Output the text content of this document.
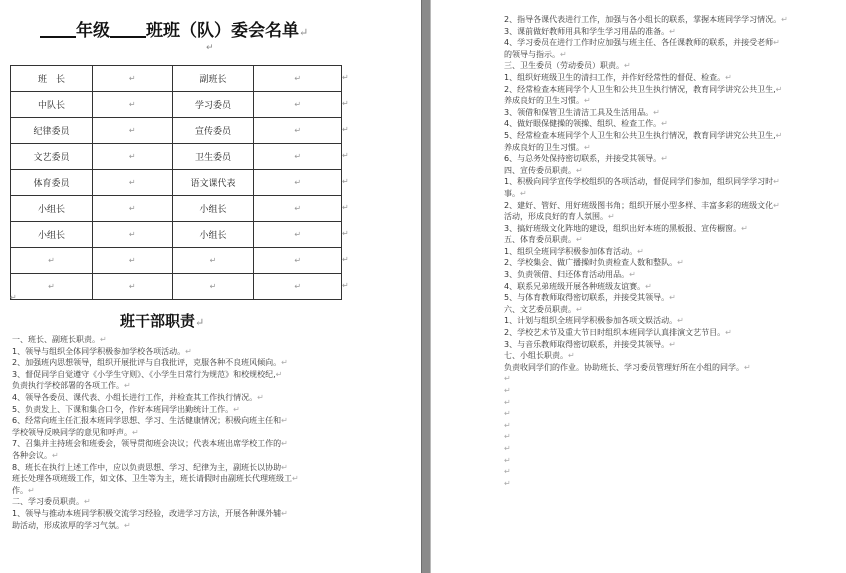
年级 班班（队）委会名单↵
↵
班　长	↵	副班长	↵
中队长	↵	学习委员	↵
纪律委员	↵	宣传委员	↵
文艺委员	↵	卫生委员	↵
体育委员	↵	语文课代表	↵
小组长	↵	小组长	↵
小组长	↵	小组长	↵
↵	↵	↵	↵
↵	↵	↵	↵
↵
↵
↵
↵
↵
↵
↵
↵
↵
↵
班干部职责↵

一、班长、副班长职责。 ↵

1、领导与组织全体同学积极参加学校各项活动。 ↵

2、加强班内思想领导，组织开展批评与自我批评，克服各种不良班风倾向。 ↵

3、督促同学自觉遵守《小学生守则》、《小学生日常行为规范》和校规校纪, ↵

负责执行学校部署的各项工作。 ↵

4、领导各委员、课代表、小组长进行工作，并检查其工作执行情况。 ↵

5、负责发上、下课和集合口令，作好本班同学出勤统计工作。 ↵

6、经常向班主任汇报本班同学思想、学习、生活健康情况；积极向班主任和 ↵

学校领导反映同学的意见和呼声。 ↵

7、召集并主持班会和班委会，领导贯彻班会决议；代表本班出席学校工作的 ↵

各种会议。 ↵

8、班长在执行上述工作中，应以负责思想、学习、纪律为主，副班长以协助 ↵

班长处理各项班级工作，如文体、卫生等为主，班长请假时由副班长代理班级工 ↵

作。 ↵

二、学习委员职责。 ↵

1、领导与推动本班同学积极交流学习经验，改进学习方法，开展各种课外辅 ↵

助活动，形成浓厚的学习气氛。 ↵

2、指导各课代表进行工作，加强与各小组长的联系，掌握本班同学学习情况。 ↵

3、课前做好教师用具和学生学习用品的准备。 ↵

4、学习委员在进行工作时应加强与班主任、各任课教师的联系，并接受老师 ↵

的领导与指示。 ↵

三、卫生委员（劳动委员）职责。 ↵

1、组织好班级卫生的清扫工作，并作好经常性的督促、检查。 ↵

2、经常检查本班同学个人卫生和公共卫生执行情况，教育同学讲究公共卫生, ↵

养成良好的卫生习惯。 ↵

3、领借和保管卫生清洁工具及生活用品。 ↵

4、做好眼保健操的领操、组织、检查工作。 ↵

5、经常检查本班同学个人卫生和公共卫生执行情况，教育同学讲究公共卫生, ↵

养成良好的卫生习惯。 ↵

6、与总务处保持密切联系，并接受其领导。 ↵

四、宣传委员职责。 ↵

1、积极向同学宣传学校组织的各项活动，督促同学们参加，组织同学学习时 ↵

事。 ↵

2、建好、管好、用好班级图书角；组织开展小型多样、丰富多彩的班级文化 ↵

活动，形成良好的育人氛围。 ↵

3、搞好班级文化阵地的建设，组织出好本班的黑板报、宣传橱窗。 ↵

五、体育委员职责。 ↵

1、组织全班同学积极参加体育活动。 ↵

2、学校集会、做广播操时负责检查人数和整队。 ↵

3、负责领借、归还体育活动用品。 ↵

4、联系兄弟班级开展各种班级友谊赛。 ↵

5、与体育教师取得密切联系，并接受其领导。 ↵

六、文艺委员职责。 ↵

1、计划与组织全班同学积极参加各项文娱活动。 ↵

2、学校艺术节及重大节日时组织本班同学认真排演文艺节目。 ↵

3、与音乐教师取得密切联系，并接受其领导。 ↵

七、小组长职责。 ↵

负责收同学们的作业。协助班长、学习委员管理好所在小组的同学。 ↵

↵

↵

↵

↵

↵

↵

↵

↵

↵

↵
